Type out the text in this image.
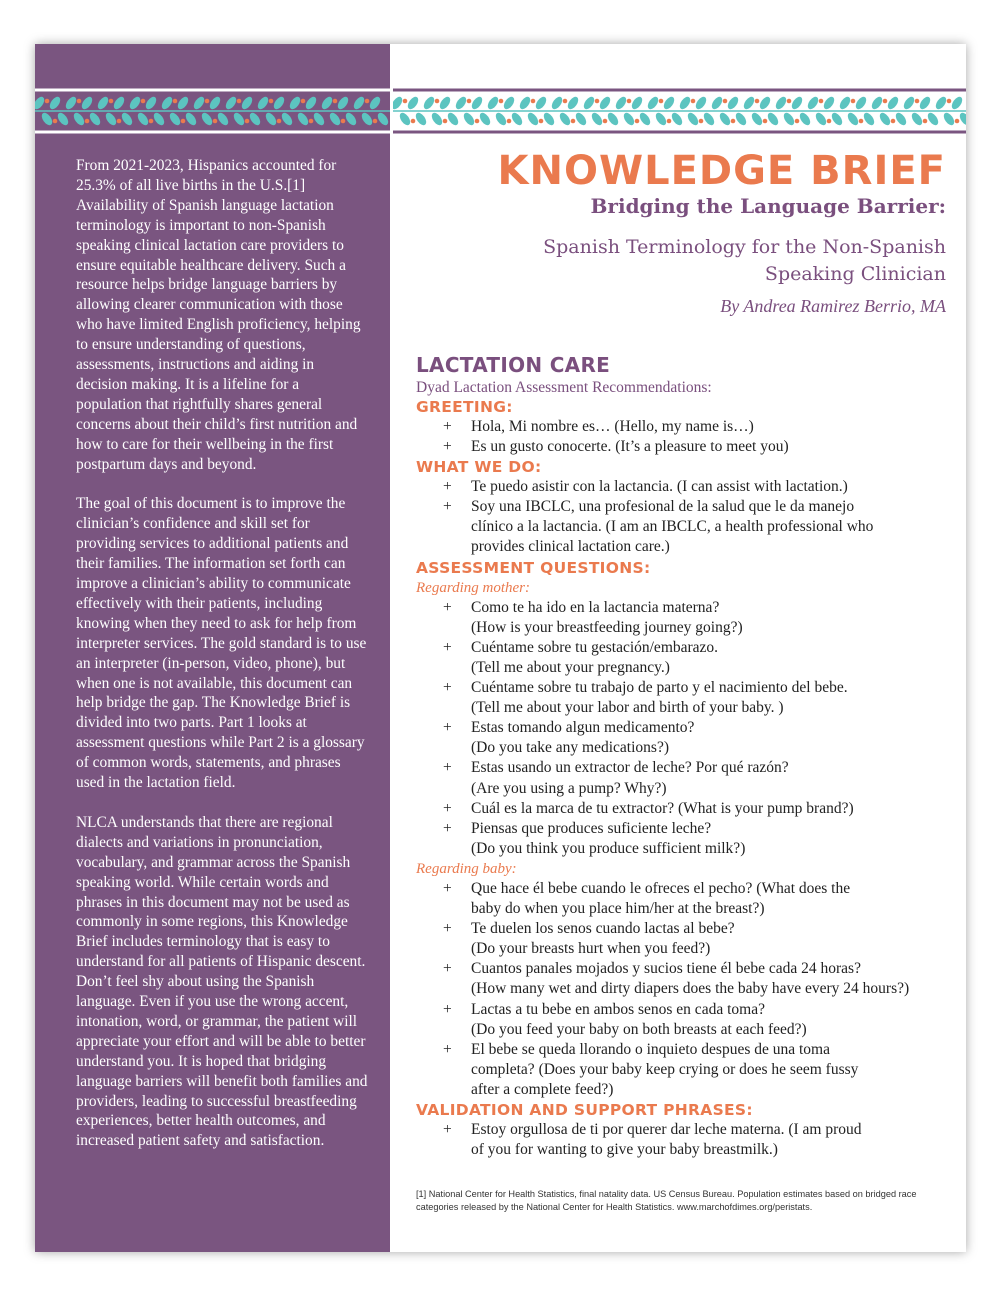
From 2021-2023, Hispanics accounted for 25.3% of all live births in the U.S.[1] Availability of Spanish language lactation terminology is important to non-Spanish speaking clinical lactation care providers to ensure equitable healthcare delivery. Such a resource helps bridge language barriers by allowing clearer communication with those who have limited English proficiency, helping to ensure understanding of questions, assessments, instructions and aiding in decision making. It is a lifeline for a population that rightfully shares general concerns about their child’s first nutrition and how to care for their wellbeing in the first postpartum days and beyond.

The goal of this document is to improve the clinician’s confidence and skill set for providing services to additional patients and their families. The information set forth can improve a clinician’s ability to communicate effectively with their patients, including knowing when they need to ask for help from interpreter services. The gold standard is to use an interpreter (in-person, video, phone), but when one is not available, this document can help bridge the gap. The Knowledge Brief is divided into two parts. Part 1 looks at assessment questions while Part 2 is a glossary of common words, statements, and phrases used in the lactation field.

NLCA understands that there are regional dialects and variations in pronunciation, vocabulary, and grammar across the Spanish speaking world. While certain words and phrases in this document may not be used as commonly in some regions, this Knowledge Brief includes terminology that is easy to understand for all patients of Hispanic descent. Don’t feel shy about using the Spanish language. Even if you use the wrong accent, intonation, word, or grammar, the patient will appreciate your effort and will be able to better understand you. It is hoped that bridging language barriers will benefit both families and providers, leading to successful breastfeeding experiences, better health outcomes, and increased patient safety and satisfaction.

KNOWLEDGE BRIEF
Bridging the Language Barrier:
Spanish Terminology for the Non-Spanish
Speaking Clinician
By Andrea Ramirez Berrio, MA
LACTATION CARE
Dyad Lactation Assessment Recommendations:
GREETING:
+ Hola, Mi nombre es… (Hello, my name is…)
+ Es un gusto conocerte. (It’s a pleasure to meet you)
WHAT WE DO:
+ Te puedo asistir con la lactancia. (I can assist with lactation.)
+ Soy una IBCLC, una profesional de la salud que le da manejo clínico a la lactancia. (I am an IBCLC, a health professional who provides clinical lactation care.)
ASSESSMENT QUESTIONS:
Regarding mother:
+ Como te ha ido en la lactancia materna?
(How is your breastfeeding journey going?)
+ Cuéntame sobre tu gestación/embarazo.
(Tell me about your pregnancy.)
+ Cuéntame sobre tu trabajo de parto y el nacimiento del bebe.
(Tell me about your labor and birth of your baby. )
+ Estas tomando algun medicamento?
(Do you take any medications?)
+ Estas usando un extractor de leche? Por qué razón?
(Are you using a pump? Why?)
+ Cuál es la marca de tu extractor? (What is your pump brand?)
+ Piensas que produces suficiente leche?
(Do you think you produce sufficient milk?)
Regarding baby:
+ Que hace él bebe cuando le ofreces el pecho? (What does the
baby do when you place him/her at the breast?)
+ Te duelen los senos cuando lactas al bebe?
(Do your breasts hurt when you feed?)
+ Cuantos panales mojados y sucios tiene él bebe cada 24 horas?
(How many wet and dirty diapers does the baby have every 24 hours?)
+ Lactas a tu bebe en ambos senos en cada toma?
(Do you feed your baby on both breasts at each feed?)
+ El bebe se queda llorando o inquieto despues de una toma
completa? (Does your baby keep crying or does he seem fussy
after a complete feed?)
VALIDATION AND SUPPORT PHRASES:
+ Estoy orgullosa de ti por querer dar leche materna. (I am proud
of you for wanting to give your baby breastmilk.)
[1] National Center for Health Statistics, final natality data. US Census Bureau. Population estimates based on bridged race categories released by the National Center for Health Statistics. www.marchofdimes.org/peristats.
